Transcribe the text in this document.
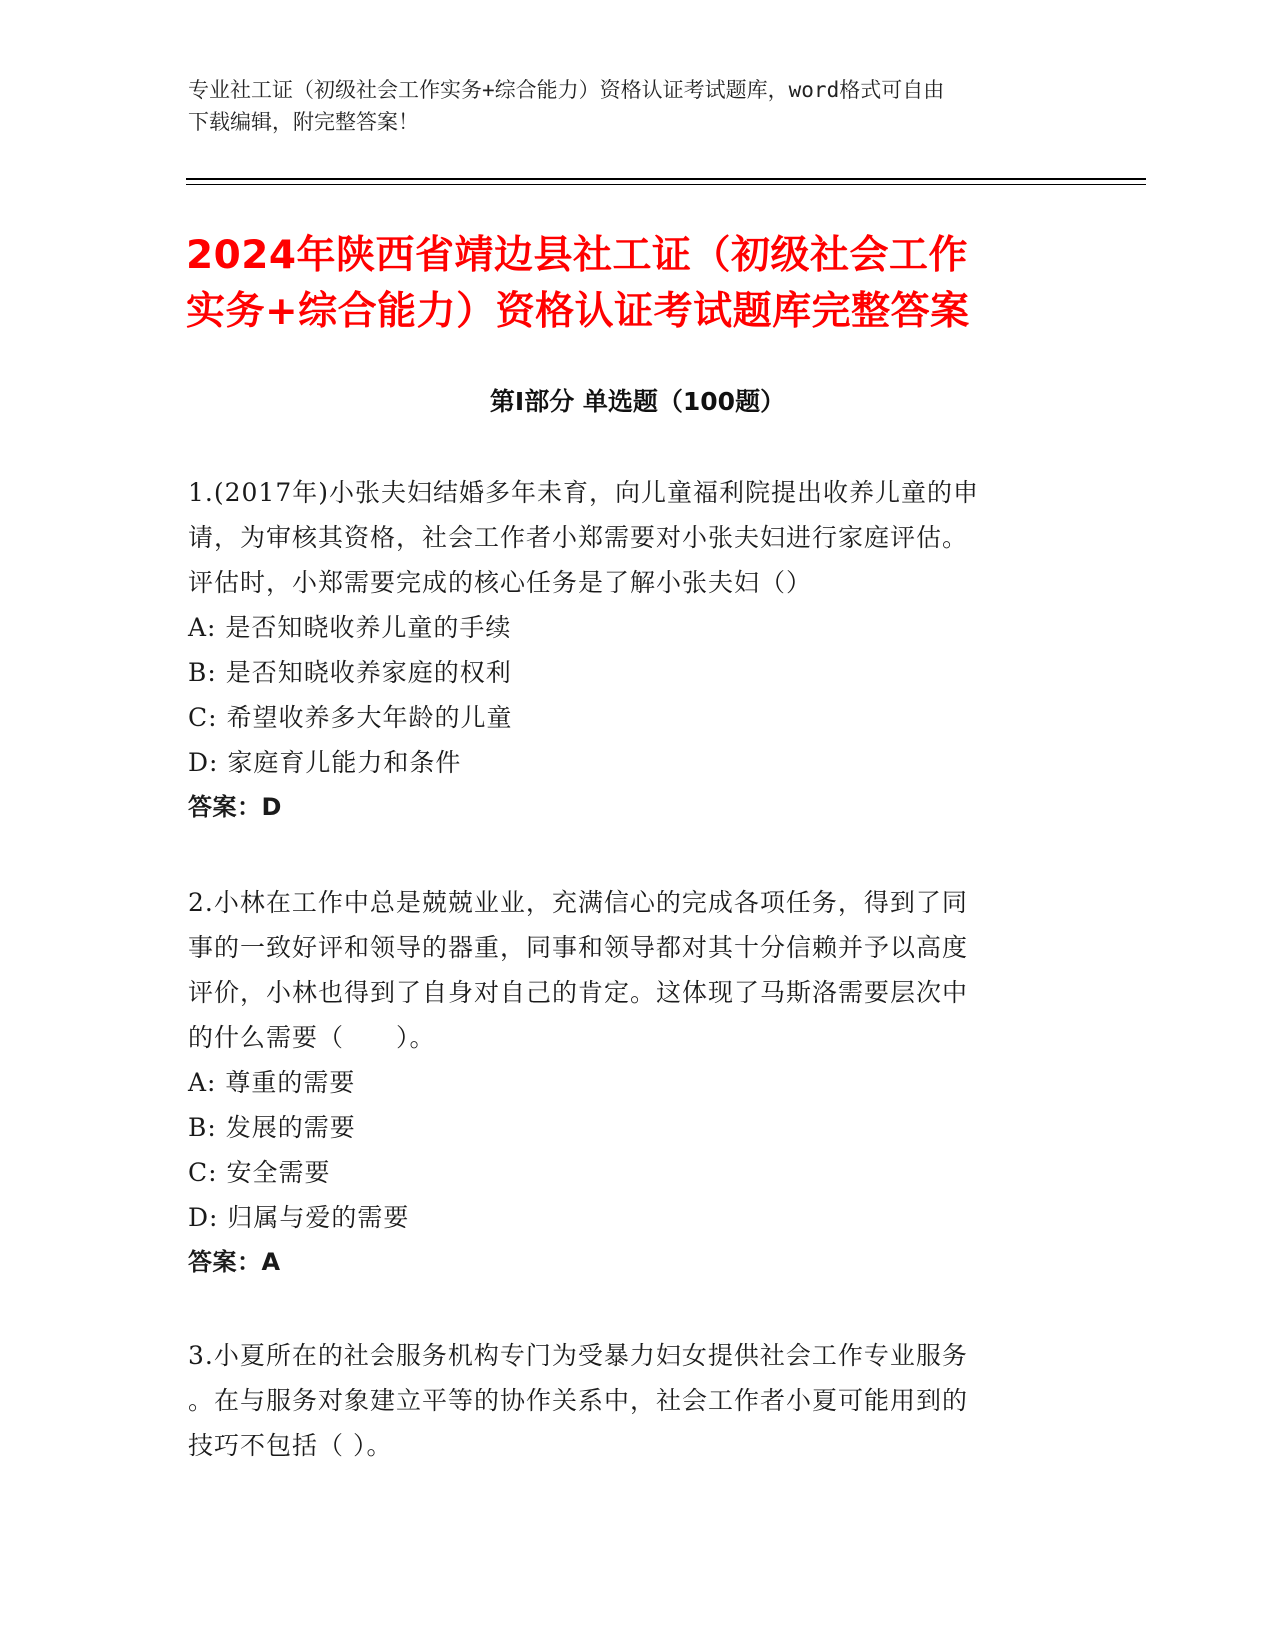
专业社工证（初级社会工作实务+综合能力）资格认证考试题库，word格式可自由
下载编辑，附完整答案！
2024年陕西省靖边县社工证（初级社会工作
实务+综合能力）资格认证考试题库完整答案
第Ⅰ部分 单选题（100题）

1.(2017年)小张夫妇结婚多年未育，向儿童福利院提出收养儿童的申

请，为审核其资格，社会工作者小郑需要对小张夫妇进行家庭评估。

评估时，小郑需要完成的核心任务是了解小张夫妇（）

A: 是否知晓收养儿童的手续

B: 是否知晓收养家庭的权利

C: 希望收养多大年龄的儿童

D: 家庭育儿能力和条件

答案：D

2.小林在工作中总是兢兢业业，充满信心的完成各项任务，得到了同

事的一致好评和领导的器重，同事和领导都对其十分信赖并予以高度

评价，小林也得到了自身对自己的肯定。这体现了马斯洛需要层次中

的什么需要（　　）。

A: 尊重的需要

B: 发展的需要

C: 安全需要

D: 归属与爱的需要

答案：A

3.小夏所在的社会服务机构专门为受暴力妇女提供社会工作专业服务

。在与服务对象建立平等的协作关系中，社会工作者小夏可能用到的

技巧不包括（ ）。
